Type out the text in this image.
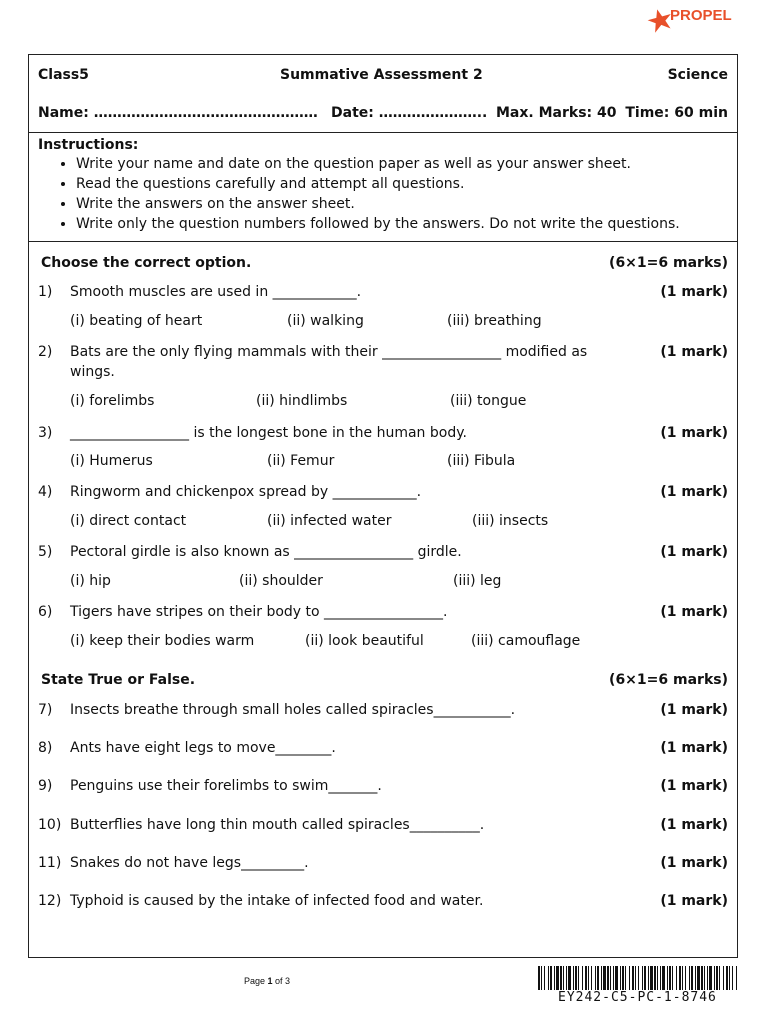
PROPEL
Class5	Summative Assessment 2	Science
Name: ………………………………………… Date: ………………….. Max. Marks: 40 Time: 60 min
Instructions:
• Write your name and date on the question paper as well as your answer sheet.
• Read the questions carefully and attempt all questions.
• Write the answers on the answer sheet.
• Write only the question numbers followed by the answers. Do not write the questions.
Choose the correct option.	(6×1=6 marks)
1) Smooth muscles are used in ____________.	(1 mark)
(i) beating of heart	(ii) walking	(iii) breathing
2) Bats are the only flying mammals with their _________________ modified as
wings.
(1 mark)
(i) forelimbs	(ii) hindlimbs	(iii) tongue
3) _________________ is the longest bone in the human body.	(1 mark)
(i) Humerus	(ii) Femur	(iii) Fibula
4) Ringworm and chickenpox spread by ____________.	(1 mark)
(i) direct contact	(ii) infected water	(iii) insects
5) Pectoral girdle is also known as _________________ girdle.	(1 mark)
(i) hip	(ii) shoulder	(iii) leg
6) Tigers have stripes on their body to _________________.	(1 mark)
(i) keep their bodies warm	(ii) look beautiful	(iii) camouflage
State True or False.	(6×1=6 marks)
7) Insects breathe through small holes called spiracles___________.	(1 mark)
8) Ants have eight legs to move________.	(1 mark)
9) Penguins use their forelimbs to swim_______.	(1 mark)
10) Butterflies have long thin mouth called spiracles__________.	(1 mark)
11) Snakes do not have legs_________.	(1 mark)
12) Typhoid is caused by the intake of infected food and water.	(1 mark)
Page 1 of 3
EY242-C5-PC-1-8746
